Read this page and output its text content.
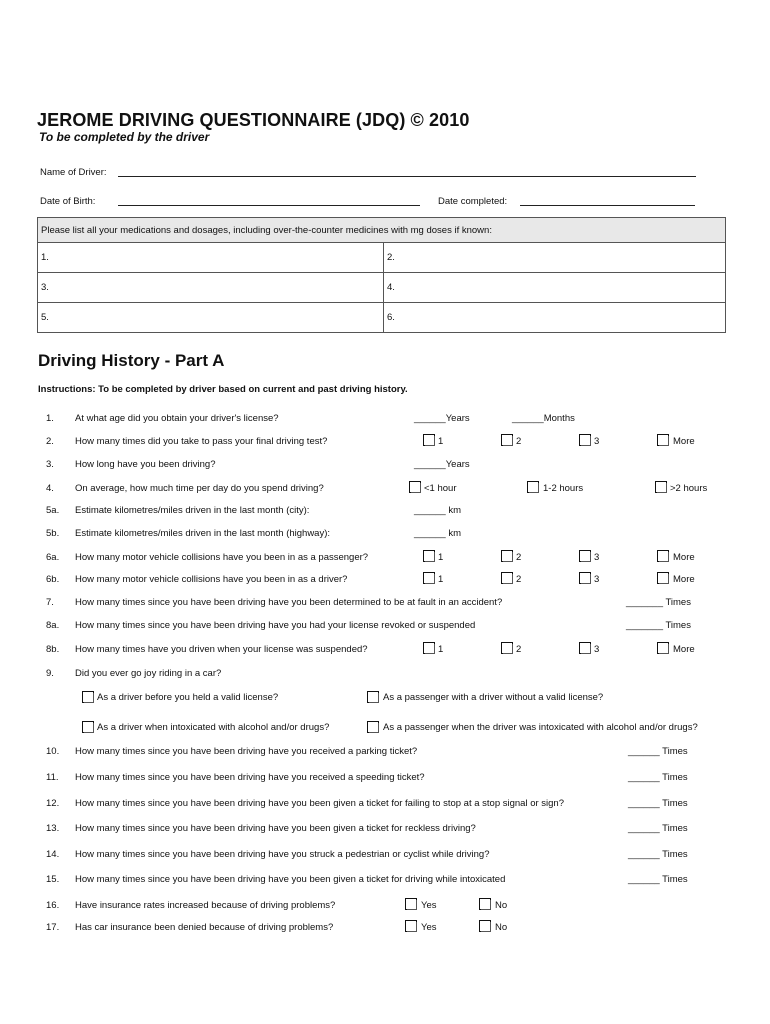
JEROME DRIVING QUESTIONNAIRE (JDQ) © 2010
To be completed by the driver
Name of Driver:
Date of Birth:	Date completed:
Please list all your medications and dosages, including over-the-counter medicines with mg doses if known:	
1.	2.
3.	4.
5.	6.
Driving History - Part A
Instructions: To be completed by driver based on current and past driving history.
1. At what age did you obtain your driver's license?	______Years	______Months
2. How many times did you take to pass your final driving test?	1	2	3	More
3. How long have you been driving?	______Years
4. On average, how much time per day do you spend driving?	<1 hour	1-2 hours	>2 hours
5a. Estimate kilometres/miles driven in the last month (city):	______ km
5b. Estimate kilometres/miles driven in the last month (highway):	______ km
6a. How many motor vehicle collisions have you been in as a passenger?	1	2	3	More
6b. How many motor vehicle collisions have you been in as a driver?	1	2	3	More
7. How many times since you have been driving have you been determined to be at fault in an accident?	_______ Times
8a. How many times since you have been driving have you had your license revoked or suspended	_______ Times
8b. How many times have you driven when your license was suspended?	1	2	3	More
9. Did you ever go joy riding in a car?
As a driver before you held a valid license?	As a passenger with a driver without a valid license?
As a driver when intoxicated with alcohol and/or drugs?	As a passenger when the driver was intoxicated with alcohol and/or drugs?
10. How many times since you have been driving have you received a parking ticket?	______ Times
11. How many times since you have been driving have you received a speeding ticket?	______ Times
12. How many times since you have been driving have you been given a ticket for failing to stop at a stop signal or sign?	______ Times
13. How many times since you have been driving have you been given a ticket for reckless driving?	______ Times
14. How many times since you have been driving have you struck a pedestrian or cyclist while driving?	______ Times
15. How many times since you have been driving have you been given a ticket for driving while intoxicated	______ Times
16. Have insurance rates increased because of driving problems?	Yes	No
17. Has car insurance been denied because of driving problems?	Yes	No
